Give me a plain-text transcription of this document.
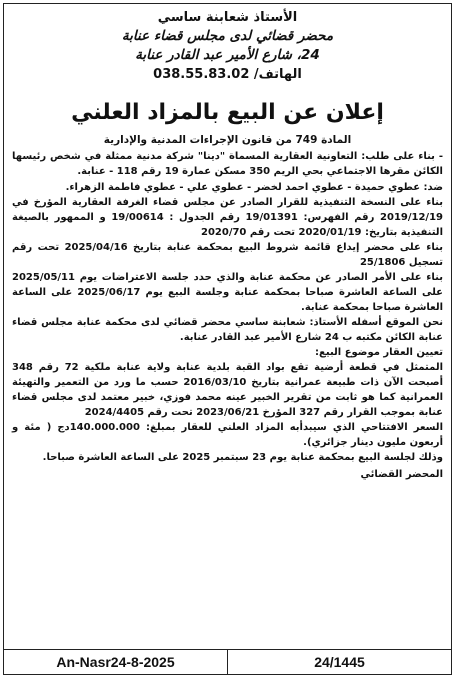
الأستاذ شعابنة ساسي
محضر قضائي لدى مجلس قضاء عنابة
24، شارع الأمير عبد القادر عنابة
الهاتف/ 038.55.83.02
إعلان عن البيع بالمزاد العلني
المادة 749 من قانون الإجراءات المدنية والإدارية

- بناء على طلب: التعاونية العقارية المسماة "دينا" شركة مدنية ممثلة في شخص رئيسها الكائن مقرها الاجتماعي بحي الريم 350 مسكن عمارة 19 رقم 118 - عنابة.

ضد: عطوي حميدة - عطوي احمد لخضر - عطوي علي - عطوي فاطمة الزهراء.

بناء على النسخة التنفيذية للقرار الصادر عن مجلس قضاء الغرفة العقارية المؤرخ في 2019/12/19 رقم الفهرس: 19/01391 رقم الجدول : 19/00614 و الممهور بالصيغة التنفيذية بتاريخ: 2020/01/19 تحت رقم 2020/70

بناء على محضر إيداع قائمة شروط البيع بمحكمة عنابة بتاريخ 2025/04/16 تحت رقم تسجيل 25/1806

بناء على الأمر الصادر عن محكمة عنابة والذي حدد جلسة الاعتراضات يوم 2025/05/11 على الساعة العاشرة صباحا بمحكمة عنابة وجلسة البيع يوم 2025/06/17 على الساعة العاشرة صباحا بمحكمة عنابة.

نحن الموقع أسفله الأستاذ: شعابنة ساسي محضر قضائي لدى محكمة عنابة مجلس قضاء عنابة الكائن مكتبه ب 24 شارع الأمير عبد القادر عنابة.

تعيين العقار موضوع البيع:

المتمثل في قطعة أرضية تقع بواد القبة بلدية عنابة ولاية عنابة ملكية 72 رقم 348 أصبحت الآن ذات طبيعة عمرانية بتاريخ 2016/03/10 حسب ما ورد من التعمير والتهيئة العمرانية كما هو ثابت من تقرير الخبير عينه محمد فوزي، خبير معتمد لدى مجلس قضاء عنابة بموجب القرار رقم 327 المؤرخ 2023/06/21 تحت رقم 2024/4405

السعر الافتتاحي الذي سيبدأبه المزاد العلني للعقار بمبلغ: 140.000.000دج ( مئة و أربعون مليون دينار جزائري).

وذلك لجلسة البيع بمحكمة عنابة يوم 23 سبتمبر 2025 على الساعة العاشرة صباحا.

المحضر القضائي
An-Nasr24-8-2025	24/1445
